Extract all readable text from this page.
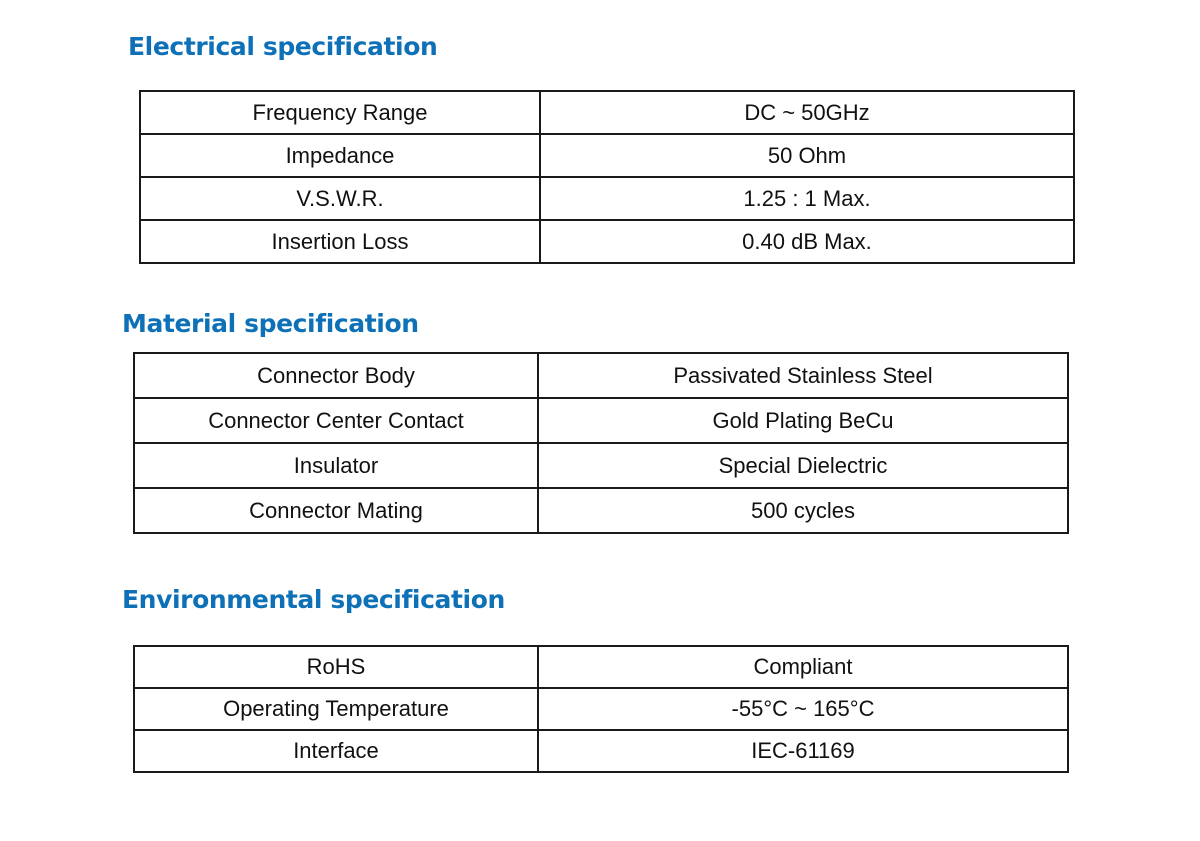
Electrical specification
Frequency Range	DC ~ 50GHz
Impedance	50 Ohm
V.S.W.R.	1.25 : 1 Max.
Insertion Loss	0.40 dB Max.
Material specification
Connector Body	Passivated Stainless Steel
Connector Center Contact	Gold Plating BeCu
Insulator	Special Dielectric
Connector Mating	500 cycles
Environmental specification
RoHS	Compliant
Operating Temperature	-55°C ~ 165°C
Interface	IEC-61169
